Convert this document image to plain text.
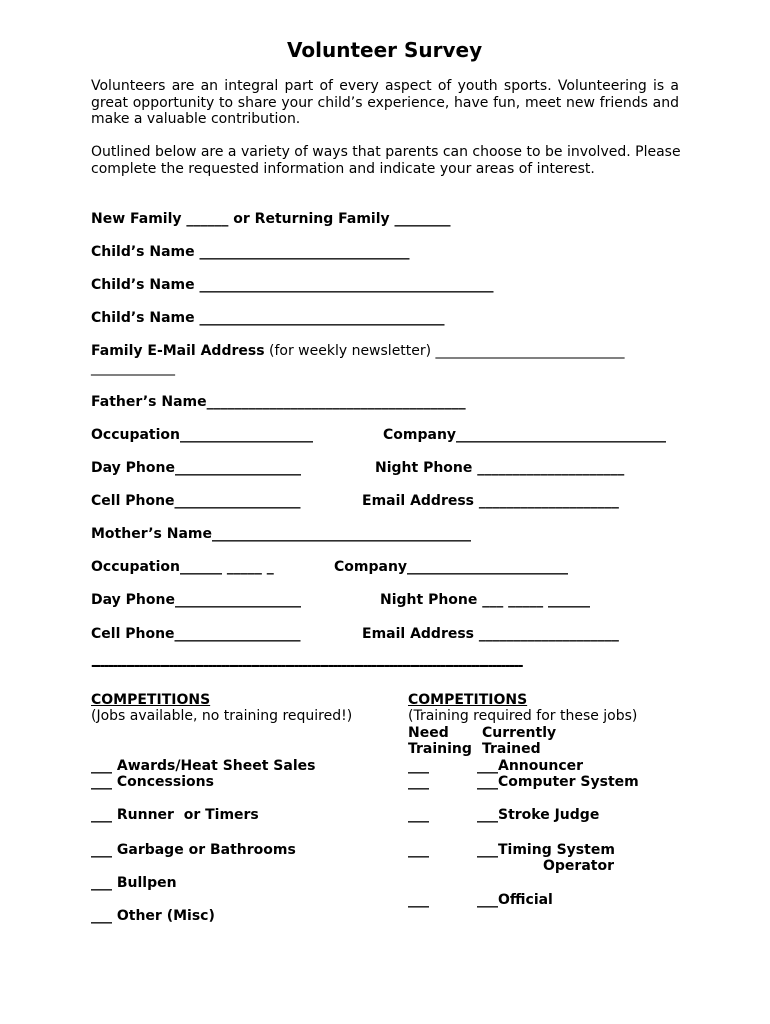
Volunteer Survey
Volunteers are an integral part of every aspect of youth sports. Volunteering is a
great opportunity to share your child’s experience, have fun, meet new friends and
make a valuable contribution.
Outlined below are a variety of ways that parents can choose to be involved. Please
complete the requested information and indicate your areas of interest.
New Family ______ or Returning Family ________
Child’s Name ______________________________
Child’s Name __________________________________________
Child’s Name ___________________________________
Family E-Mail Address (for weekly newsletter) ___________________________
____________
Father’s Name_____________________________________
Occupation___________________	Company______________________________
Day Phone__________________	Night Phone _____________________
Cell Phone__________________	Email Address ____________________
Mother’s Name_____________________________________
Occupation______ _____ _	Company_______________________
Day Phone__________________	Night Phone ___ _____ ______
Cell Phone__________________	Email Address ____________________
----------------------------------------------------------------------------------------------------
COMPETITIONS
(Jobs available, no training required!)
___ Awards/Heat Sheet Sales
___ Concessions
___ Runner  or Timers
___ Garbage or Bathrooms
___ Bullpen
___ Other (Misc)
COMPETITIONS
(Training required for these jobs)
Need
Training
Currently
Trained
___	___Announcer
___	___Computer System
___	___Stroke Judge
___	___Timing System
Operator
___	___Official
